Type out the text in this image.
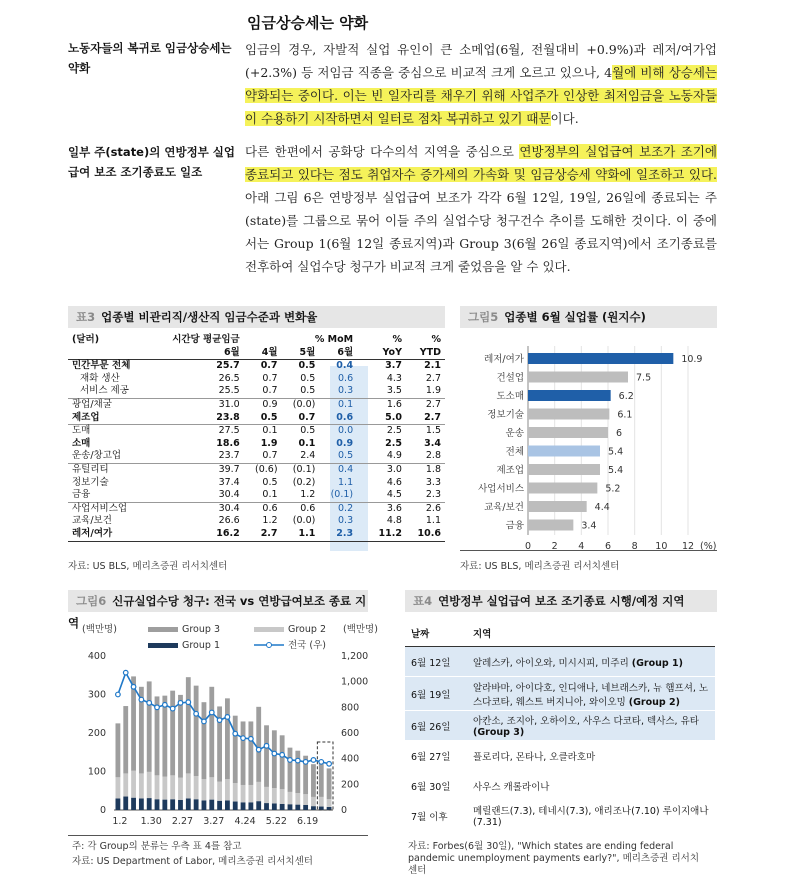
임금상승세는 약화
노동자들의 복귀로 임금상승세는 약화
임금의 경우, 자발적 실업 유인이 큰 소메업(6월, 전월대비 +0.9%)과 레저/여가업(+2.3%) 등 저임금 직종을 중심으로 비교적 크게 오르고 있으나, 4월에 비해 상승세는 약화되는 중이다. 이는 빈 일자리를 채우기 위해 사업주가 인상한 최저임금을 노동자들이 수용하기 시작하면서 일터로 점차 복귀하고 있기 때문이다.
일부 주(state)의 연방정부 실업급여 보조 조기종료도 일조
다른 한편에서 공화당 다수의석 지역을 중심으로 연방정부의 실업급여 보조가 조기에 종료되고 있다는 점도 취업자수 증가세의 가속화 및 임금상승세 약화에 일조하고 있다. 아래 그림 6은 연방정부 실업급여 보조가 각각 6월 12일, 19일, 26일에 종료되는 주(state)를 그룹으로 묶어 이들 주의 실업수당 청구건수 추이를 도해한 것이다. 이 중에서는 Group 1(6월 12일 종료지역)과 Group 3(6월 26일 종료지역)에서 조기종료를 전후하여 실업수당 청구가 비교적 크게 줄었음을 알 수 있다.
표3 업종별 비관리직/생산직 임금수준과 변화율
(달러)	시간당 평균임금		% MoM			%	%
	6월	4월	5월	6월		YoY	YTD
민간부문 전체	25.7	0.7	0.5	0.4		3.7	2.1
재화 생산	26.5	0.7	0.5	0.6		4.3	2.7
서비스 제공	25.5	0.7	0.5	0.3		3.5	1.9
광업/채굴	31.0	0.9	(0.0)	0.1		1.6	2.7
제조업	23.8	0.5	0.7	0.6		5.0	2.7
도매	27.5	0.1	0.5	0.0		2.5	1.5
소매	18.6	1.9	0.1	0.9		2.5	3.4
운송/창고업	23.7	0.7	2.4	0.5		4.9	2.8
유틸리티	39.7	(0.6)	(0.1)	0.4		3.0	1.8
정보기술	37.4	0.5	(0.2)	1.1		4.6	3.3
금융	30.4	0.1	1.2	(0.1)		4.5	2.3
사업서비스업	30.4	0.6	0.6	0.2		3.6	2.6
교육/보건	26.6	1.2	(0.0)	0.3		4.8	1.1
레저/여가	16.2	2.7	1.1	2.3		11.2	10.6
자료: US BLS, 메리츠증권 리서치센터
그림5 업종별 6월 실업률 (원지수)
0 2 4 6 8 10 12 (%)
레저/여가	10.9
건설업	7.5
도소매	6.2
정보기술	6.1
운송	6
전체	5.4
제조업	5.4
사업서비스	5.2
교육/보건	4.4
금융	3.4
자료: US BLS, 메리츠증권 리서치센터
그림6 신규실업수당 청구: 전국 vs 연방급여보조 종료 지역 (백만명)	(백만명)
Group 3	Group 2
Group 1	전국 (우)
0
100
200
300
400
0
200
400
600
800
1,000
1,200
1.2 1.30 2.27 3.27 4.24 5.22 6.19
주: 각 Group의 분류는 우측 표 4를 참고
자료: US Department of Labor, 메리츠증권 리서치센터
표4 연방정부 실업급여 보조 조기종료 시행/예정 지역
날짜	지역
6월 12일	알레스카, 아이오와, 미시시피, 미주리 (Group 1)
6월 19일	알라바마, 아이다호, 인디애나, 네브래스카, 뉴 햄프셔, 노스다코타, 웨스트 버지니아, 와이오밍 (Group 2)
6월 26일	아칸소, 조지아, 오하이오, 사우스 다코타, 텍사스, 유타 (Group 3)
6월 27일	플로리다, 몬타나, 오클라호마
6월 30일	사우스 캐롤라이나
7월 이후	메릴랜드(7.3), 테네시(7.3), 애리조나(7.10) 루이지애나(7.31)
자료: Forbes(6월 30일), "Which states are ending federal pandemic unemployment payments early?", 메리츠증권 리서치센터
